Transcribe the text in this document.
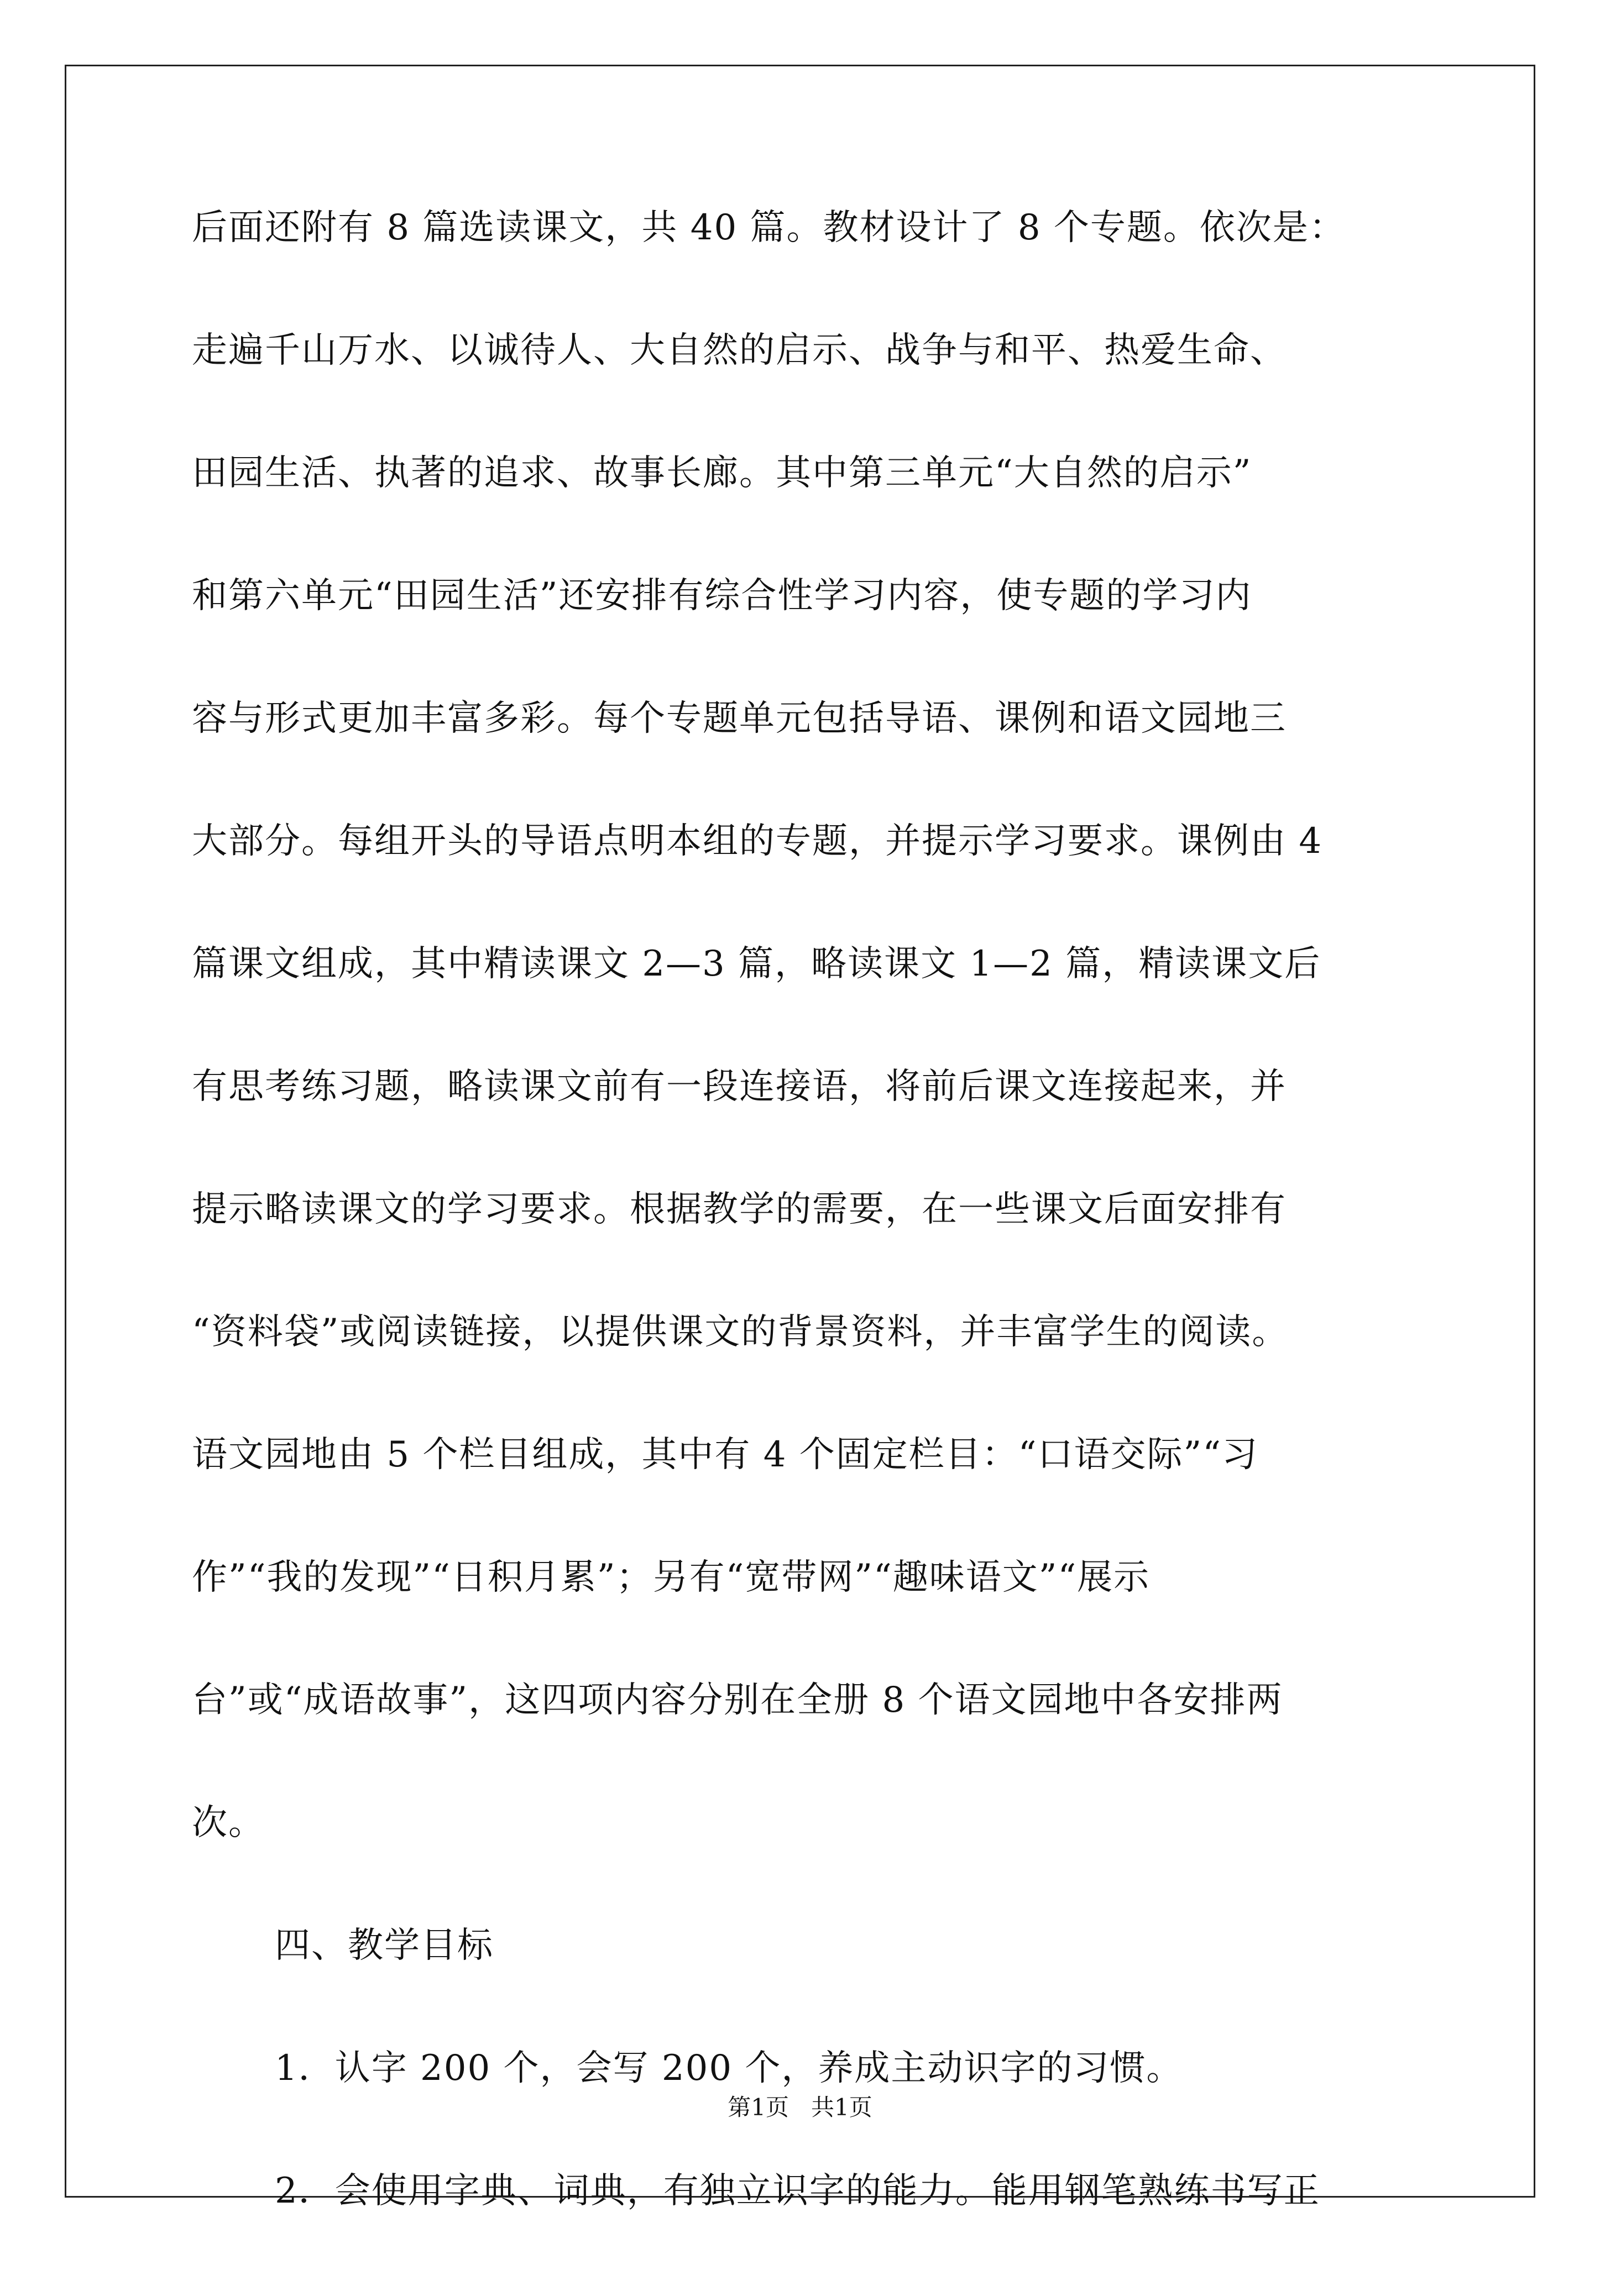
后面还附有 8 篇选读课文，共 40 篇。教材设计了 8 个专题。依次是：
走遍千山万水、以诚待人、大自然的启示、战争与和平、热爱生命、
田园生活、执著的追求、故事长廊。其中第三单元“大自然的启示”
和第六单元“田园生活”还安排有综合性学习内容，使专题的学习内
容与形式更加丰富多彩。每个专题单元包括导语、课例和语文园地三
大部分。每组开头的导语点明本组的专题，并提示学习要求。课例由 4
篇课文组成，其中精读课文 2—3 篇，略读课文 1—2 篇，精读课文后
有思考练习题，略读课文前有一段连接语，将前后课文连接起来，并
提示略读课文的学习要求。根据教学的需要，在一些课文后面安排有
“资料袋”或阅读链接，以提供课文的背景资料，并丰富学生的阅读。
语文园地由 5 个栏目组成，其中有 4 个固定栏目：“口语交际”“习
作”“我的发现”“日积月累”；另有“宽带网”“趣味语文”“展示
台”或“成语故事”，这四项内容分别在全册 8 个语文园地中各安排两
次。
四、教学目标
1．认字 200 个，会写 200 个，养成主动识字的习惯。
2．会使用字典、词典，有独立识字的能力。能用钢笔熟练书写正
第1页   共1页
